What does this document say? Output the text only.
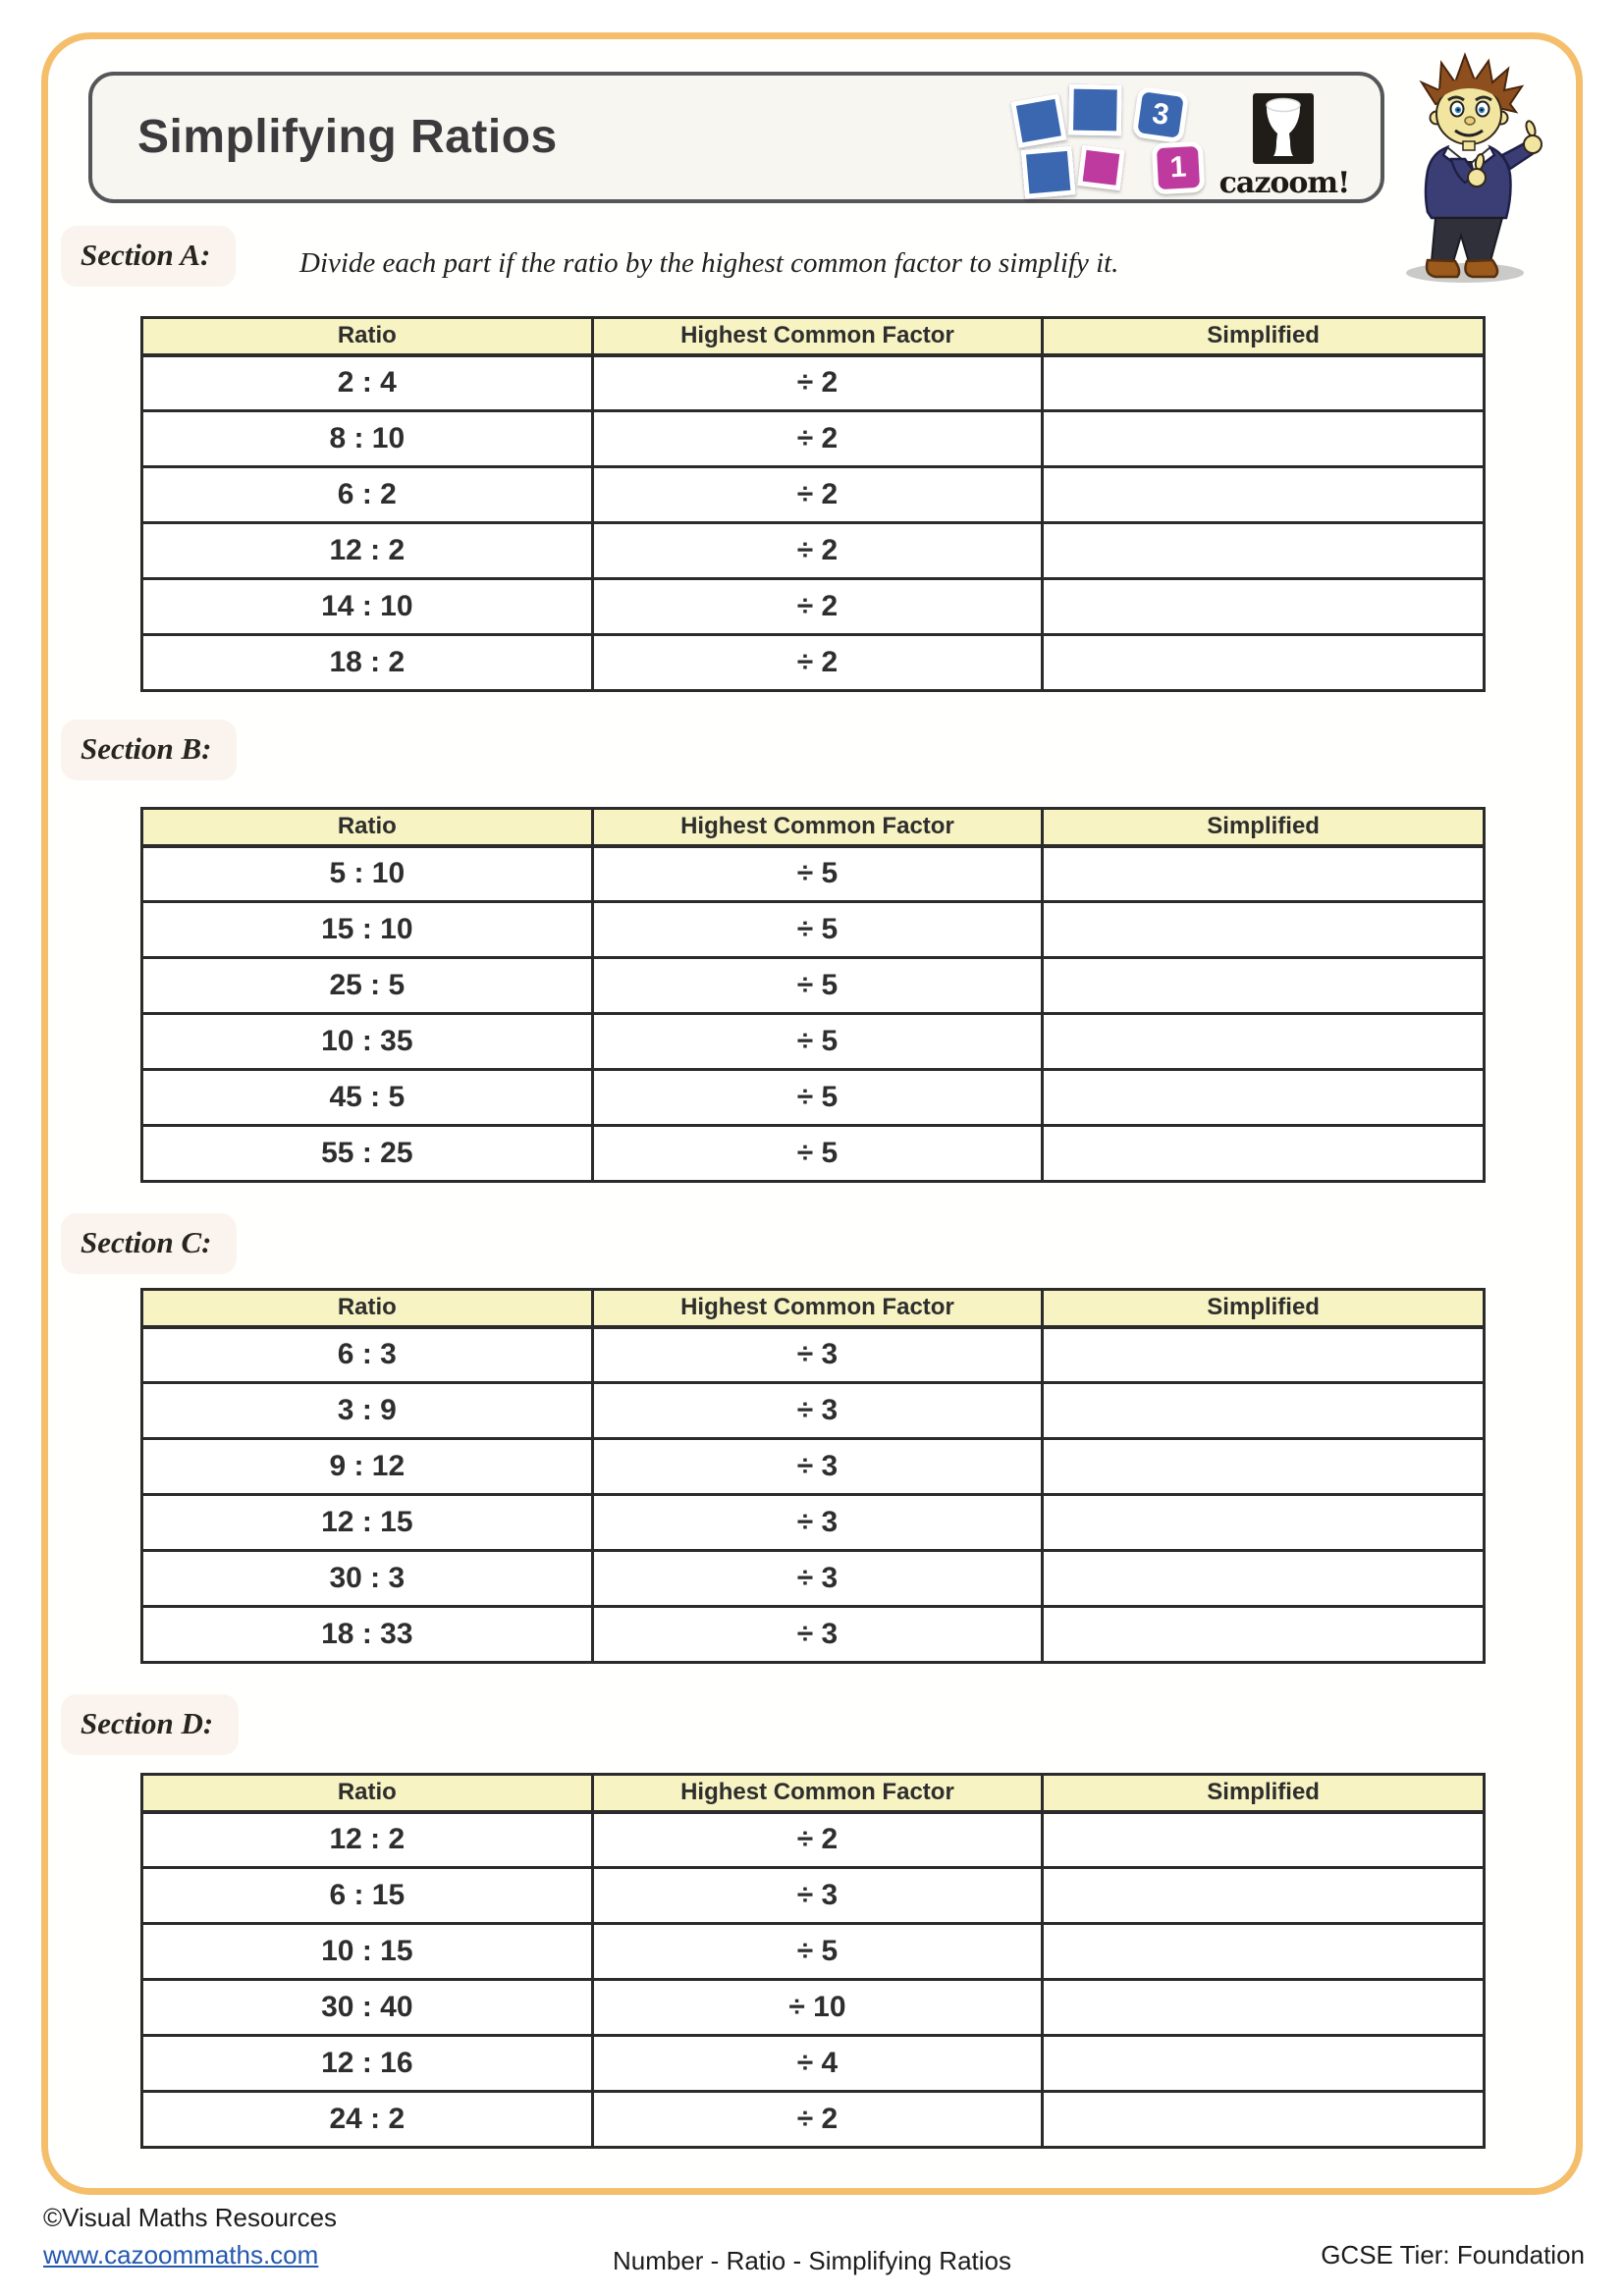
Simplifying Ratios	3
1	cazoom!
Section A:	Divide each part if the ratio by the highest common factor to simplify it.
Ratio	Highest Common Factor	Simplified
2 : 4	÷ 2	
8 : 10	÷ 2	
6 : 2	÷ 2	
12 : 2	÷ 2	
14 : 10	÷ 2	
18 : 2	÷ 2	
Section B:
Ratio	Highest Common Factor	Simplified
5 : 10	÷ 5	
15 : 10	÷ 5	
25 : 5	÷ 5	
10 : 35	÷ 5	
45 : 5	÷ 5	
55 : 25	÷ 5	
Section C:
Ratio	Highest Common Factor	Simplified
6 : 3	÷ 3	
3 : 9	÷ 3	
9 : 12	÷ 3	
12 : 15	÷ 3	
30 : 3	÷ 3	
18 : 33	÷ 3	
Section D:
Ratio	Highest Common Factor	Simplified
12 : 2	÷ 2	
6 : 15	÷ 3	
10 : 15	÷ 5	
30 : 40	÷ 10	
12 : 16	÷ 4	
24 : 2	÷ 2	
©Visual Maths Resources
www.cazoommaths.com	Number - Ratio - Simplifying Ratios	GCSE Tier: Foundation
